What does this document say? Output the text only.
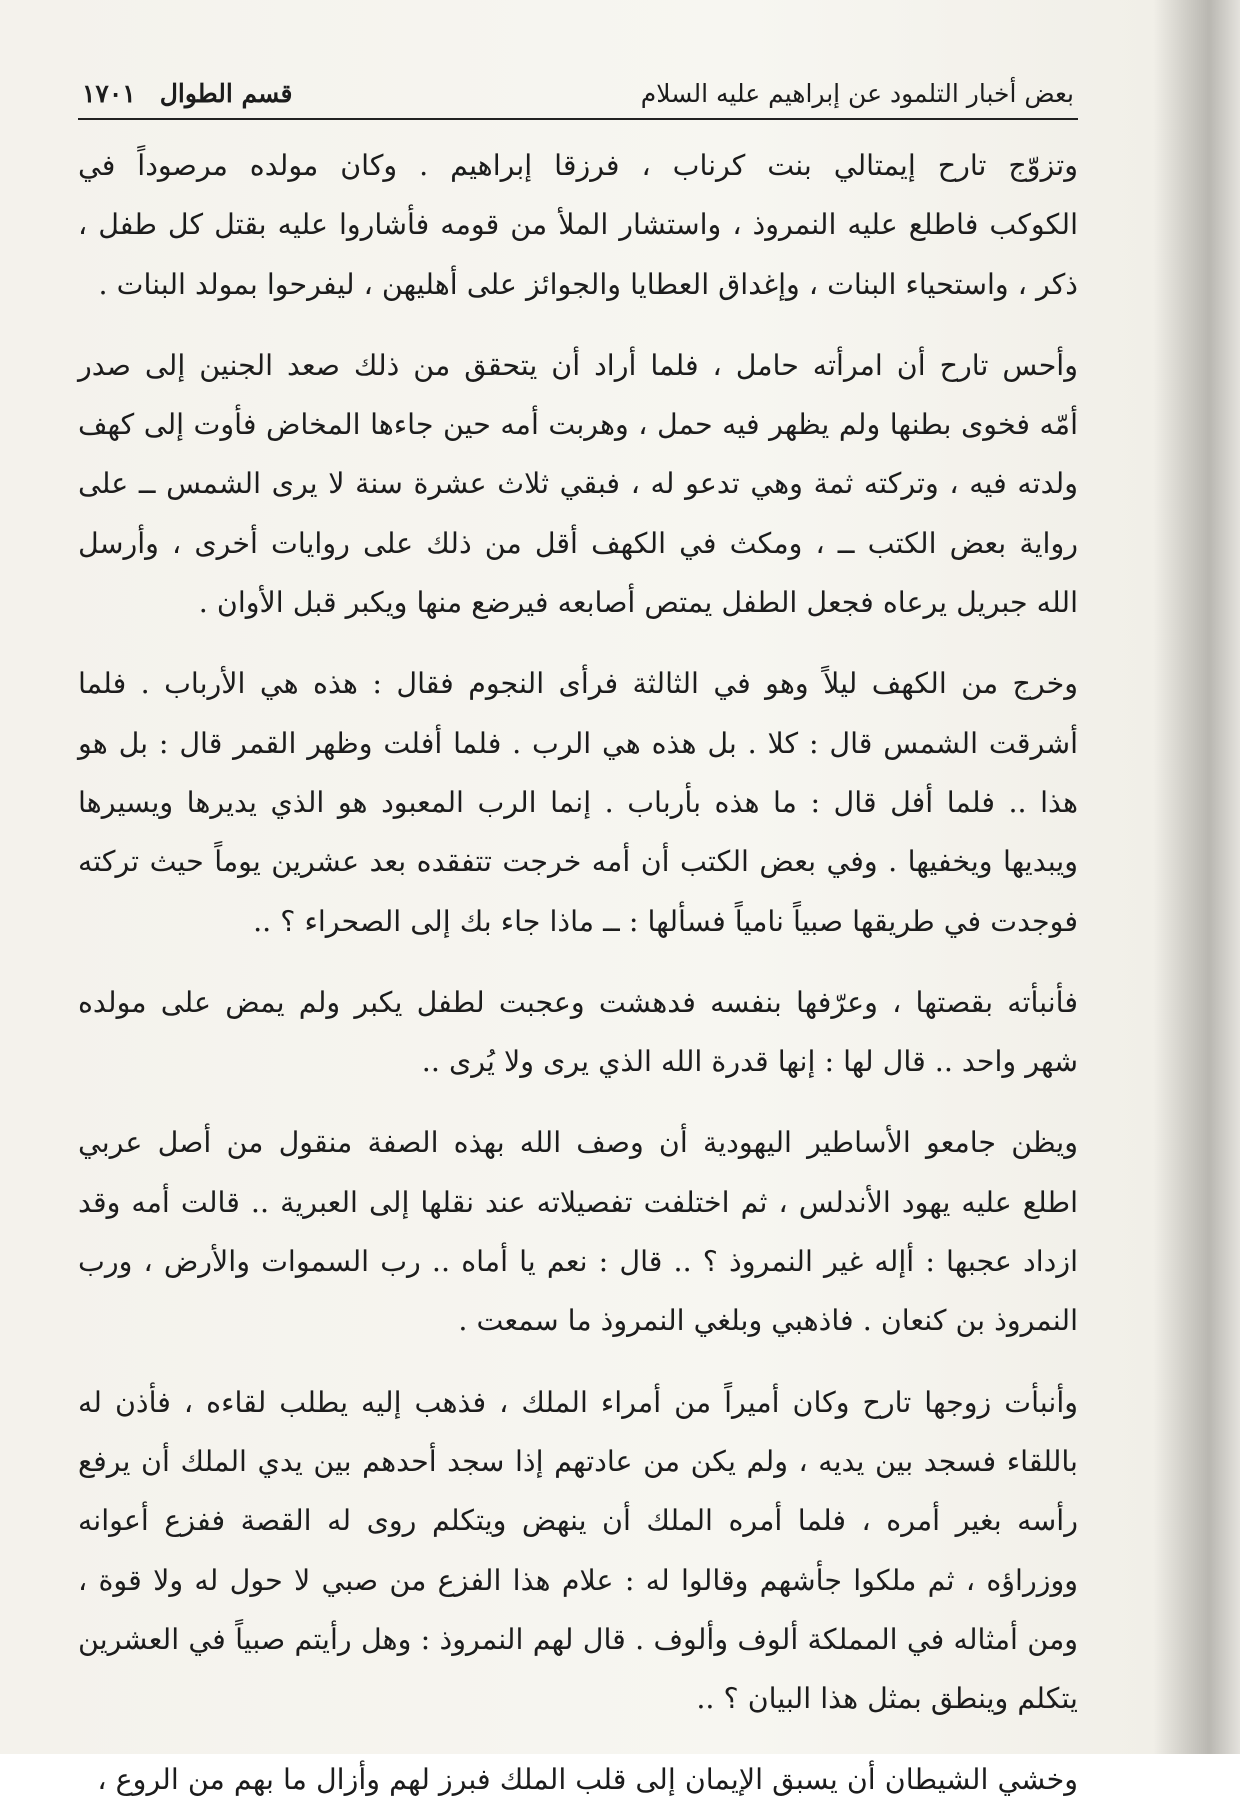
بعض أخبار التلمود عن إبراهيم عليه السلام
قسم الطوال
١٧٠١

وتزوّج تارح إيمتالي بنت كرناب ، فرزقا إبراهيم . وكان مولده مرصوداً في
الكوكب فاطلع عليه النمروذ ، واستشار الملأ من قومه فأشاروا عليه بقتل كل طفل ،
ذكر ، واستحياء البنات ، وإغداق العطايا والجوائز على أهليهن ، ليفرحوا بمولد البنات .

وأحس تارح أن امرأته حامل ، فلما أراد أن يتحقق من ذلك صعد الجنين إلى صدر
أمّه فخوى بطنها ولم يظهر فيه حمل ، وهربت أمه حين جاءها المخاض فأوت إلى كهف
ولدته فيه ، وتركته ثمة وهي تدعو له ، فبقي ثلاث عشرة سنة لا يرى الشمس ــ على
رواية بعض الكتب ــ ، ومكث في الكهف أقل من ذلك على روايات أخرى ، وأرسل
الله جبريل يرعاه فجعل الطفل يمتص أصابعه فيرضع منها ويكبر قبل الأوان .

وخرج من الكهف ليلاً وهو في الثالثة فرأى النجوم فقال : هذه هي الأرباب . فلما
أشرقت الشمس قال : كلا . بل هذه هي الرب . فلما أفلت وظهر القمر قال : بل هو
هذا .. فلما أفل قال : ما هذه بأرباب . إنما الرب المعبود هو الذي يديرها ويسيرها
ويبديها ويخفيها . وفي بعض الكتب أن أمه خرجت تتفقده بعد عشرين يوماً حيث تركته
فوجدت في طريقها صبياً نامياً فسألها : ــ ماذا جاء بك إلى الصحراء ؟ ..

فأنبأته بقصتها ، وعرّفها بنفسه فدهشت وعجبت لطفل يكبر ولم يمض على مولده
شهر واحد .. قال لها : إنها قدرة الله الذي يرى ولا يُرى ..

ويظن جامعو الأساطير اليهودية أن وصف الله بهذه الصفة منقول من أصل عربي
اطلع عليه يهود الأندلس ، ثم اختلفت تفصيلاته عند نقلها إلى العبرية .. قالت أمه وقد
ازداد عجبها : أإله غير النمروذ ؟ .. قال : نعم يا أماه .. رب السموات والأرض ، ورب
النمروذ بن كنعان . فاذهبي وبلغي النمروذ ما سمعت .

وأنبأت زوجها تارح وكان أميراً من أمراء الملك ، فذهب إليه يطلب لقاءه ، فأذن له
باللقاء فسجد بين يديه ، ولم يكن من عادتهم إذا سجد أحدهم بين يدي الملك أن يرفع
رأسه بغير أمره ، فلما أمره الملك أن ينهض ويتكلم روى له القصة ففزع أعوانه
ووزراؤه ، ثم ملكوا جأشهم وقالوا له : علام هذا الفزع من صبي لا حول له ولا قوة ،
ومن أمثاله في المملكة ألوف وألوف . قال لهم النمروذ : وهل رأيتم صبياً في العشرين
يتكلم وينطق بمثل هذا البيان ؟ ..

وخشي الشيطان أن يسبق الإيمان إلى قلب الملك فبرز لهم وأزال ما بهم من الروع ،
